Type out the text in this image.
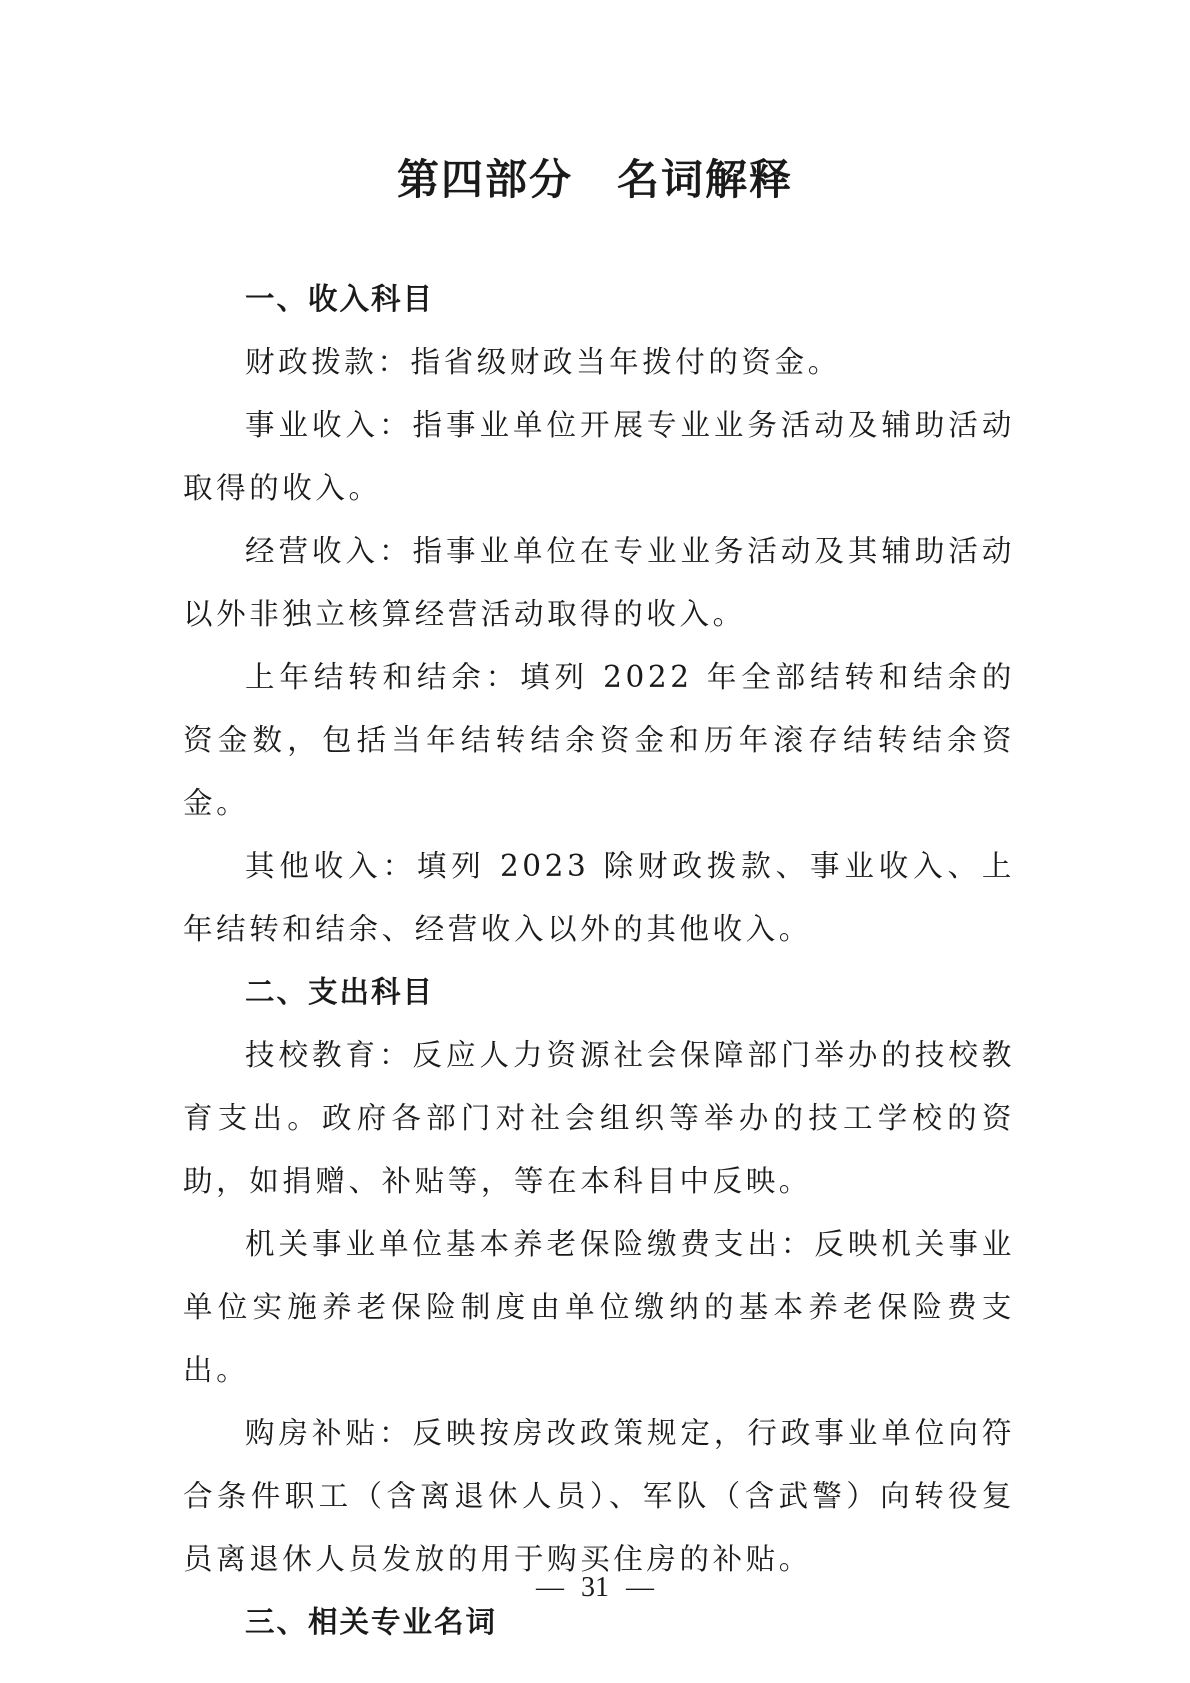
第四部分　名词解释
一、收入科目

财政拨款：指省级财政当年拨付的资金。

事业收入：指事业单位开展专业业务活动及辅助活动取得的收入。

经营收入：指事业单位在专业业务活动及其辅助活动以外非独立核算经营活动取得的收入。

上年结转和结余：填列 2022 年全部结转和结余的资金数，包括当年结转结余资金和历年滚存结转结余资金。

其他收入：填列 2023 除财政拨款、事业收入、上年结转和结余、经营收入以外的其他收入。

二、支出科目

技校教育：反应人力资源社会保障部门举办的技校教育支出。政府各部门对社会组织等举办的技工学校的资助，如捐赠、补贴等，等在本科目中反映。

机关事业单位基本养老保险缴费支出：反映机关事业单位实施养老保险制度由单位缴纳的基本养老保险费支出。

购房补贴：反映按房改政策规定，行政事业单位向符合条件职工（含离退休人员）、军队（含武警）向转役复员离退休人员发放的用于购买住房的补贴。

三、相关专业名词
— 31 —
